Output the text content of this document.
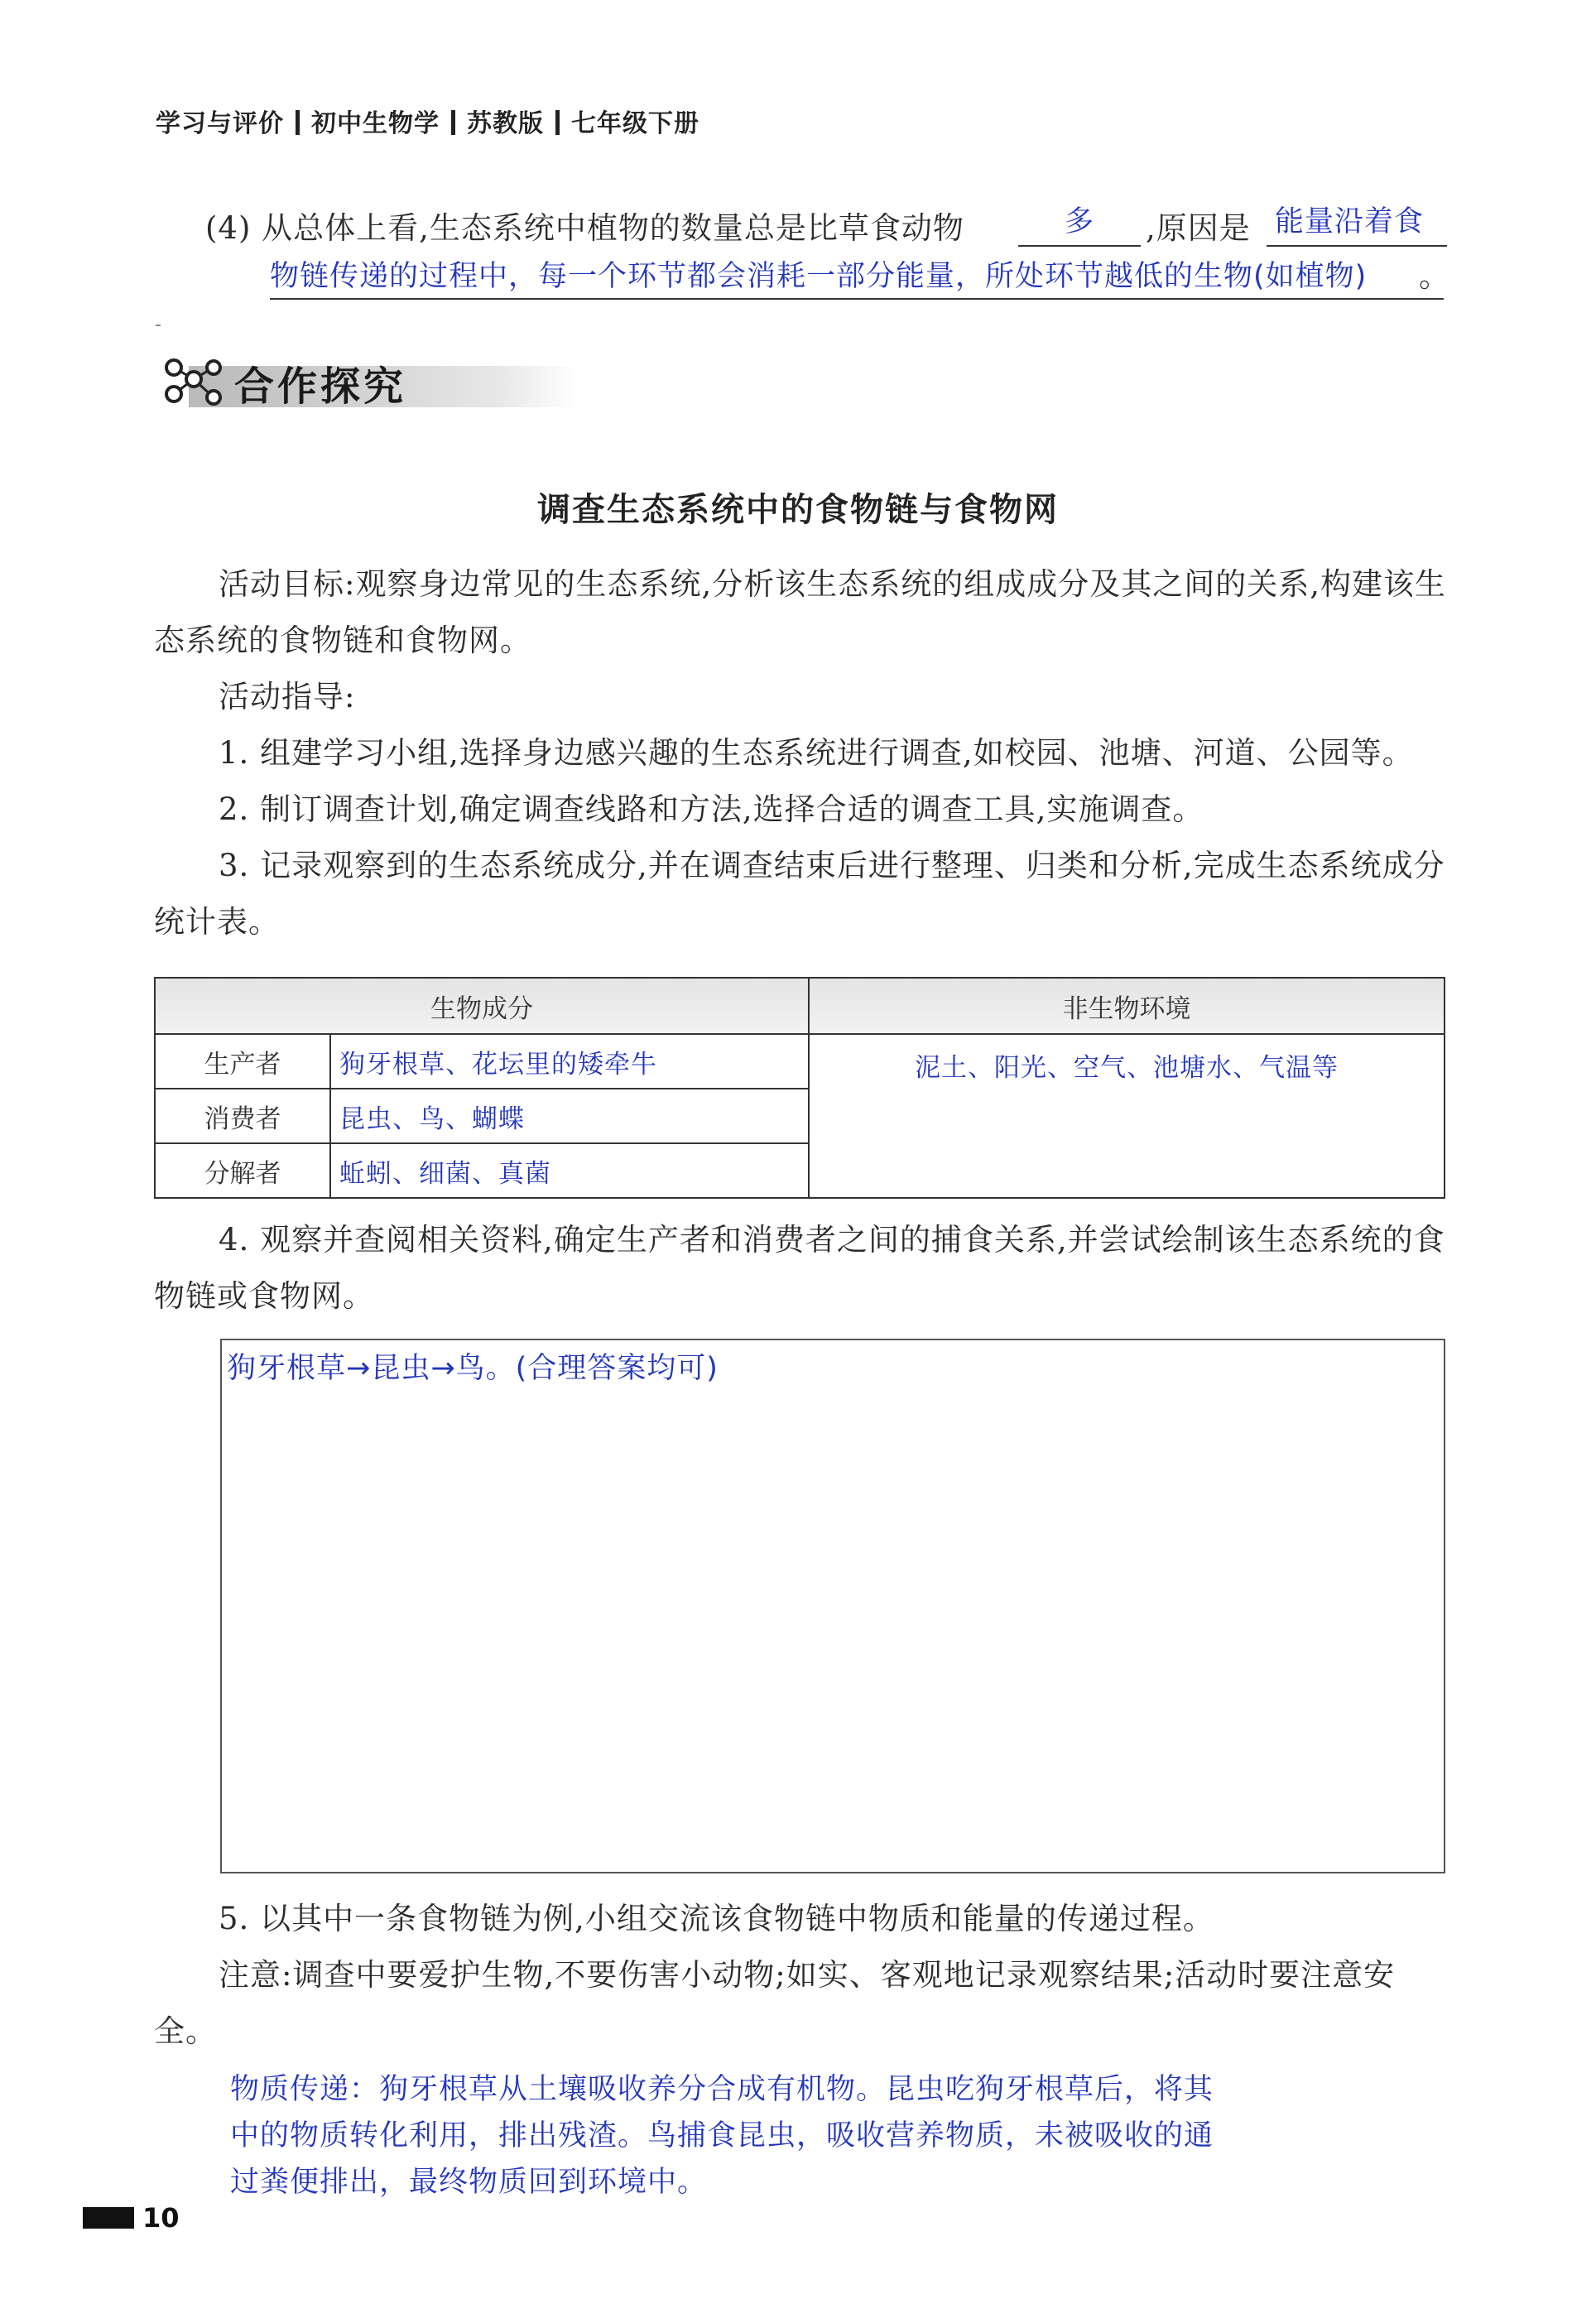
学习与评价 初中生物学 苏教版 七年级下册
(4) 从总体上看,生态系统中植物的数量总是比草食动物	多 ,原因是 能量沿着食
物链传递的过程中，每一个环节都会消耗一部分能量，所处环节越低的生物(如植物) 。
合作探究
调查生态系统中的食物链与食物网
活动目标:观察身边常见的生态系统,分析该生态系统的组成成分及其之间的关系,构建该生态系统的食物链和食物网。
活动指导:
1. 组建学习小组,选择身边感兴趣的生态系统进行调查,如校园、池塘、河道、公园等。
2. 制订调查计划,确定调查线路和方法,选择合适的调查工具,实施调查。
3. 记录观察到的生态系统成分,并在调查结束后进行整理、归类和分析,完成生态系统成分统计表。
生物成分		非生物环境
生产者	狗牙根草、花坛里的矮牵牛	泥土、阳光、空气、池塘水、气温等
消费者	昆虫、鸟、蝴蝶	
分解者	蚯蚓、细菌、真菌	
4. 观察并查阅相关资料,确定生产者和消费者之间的捕食关系,并尝试绘制该生态系统的食物链或食物网。
狗牙根草→昆虫→鸟。(合理答案均可)
5. 以其中一条食物链为例,小组交流该食物链中物质和能量的传递过程。
注意:调查中要爱护生物,不要伤害小动物;如实、客观地记录观察结果;活动时要注意安全。
物质传递：狗牙根草从土壤吸收养分合成有机物。昆虫吃狗牙根草后，将其
中的物质转化利用，排出残渣。鸟捕食昆虫，吸收营养物质，未被吸收的通
过粪便排出，最终物质回到环境中。
10
